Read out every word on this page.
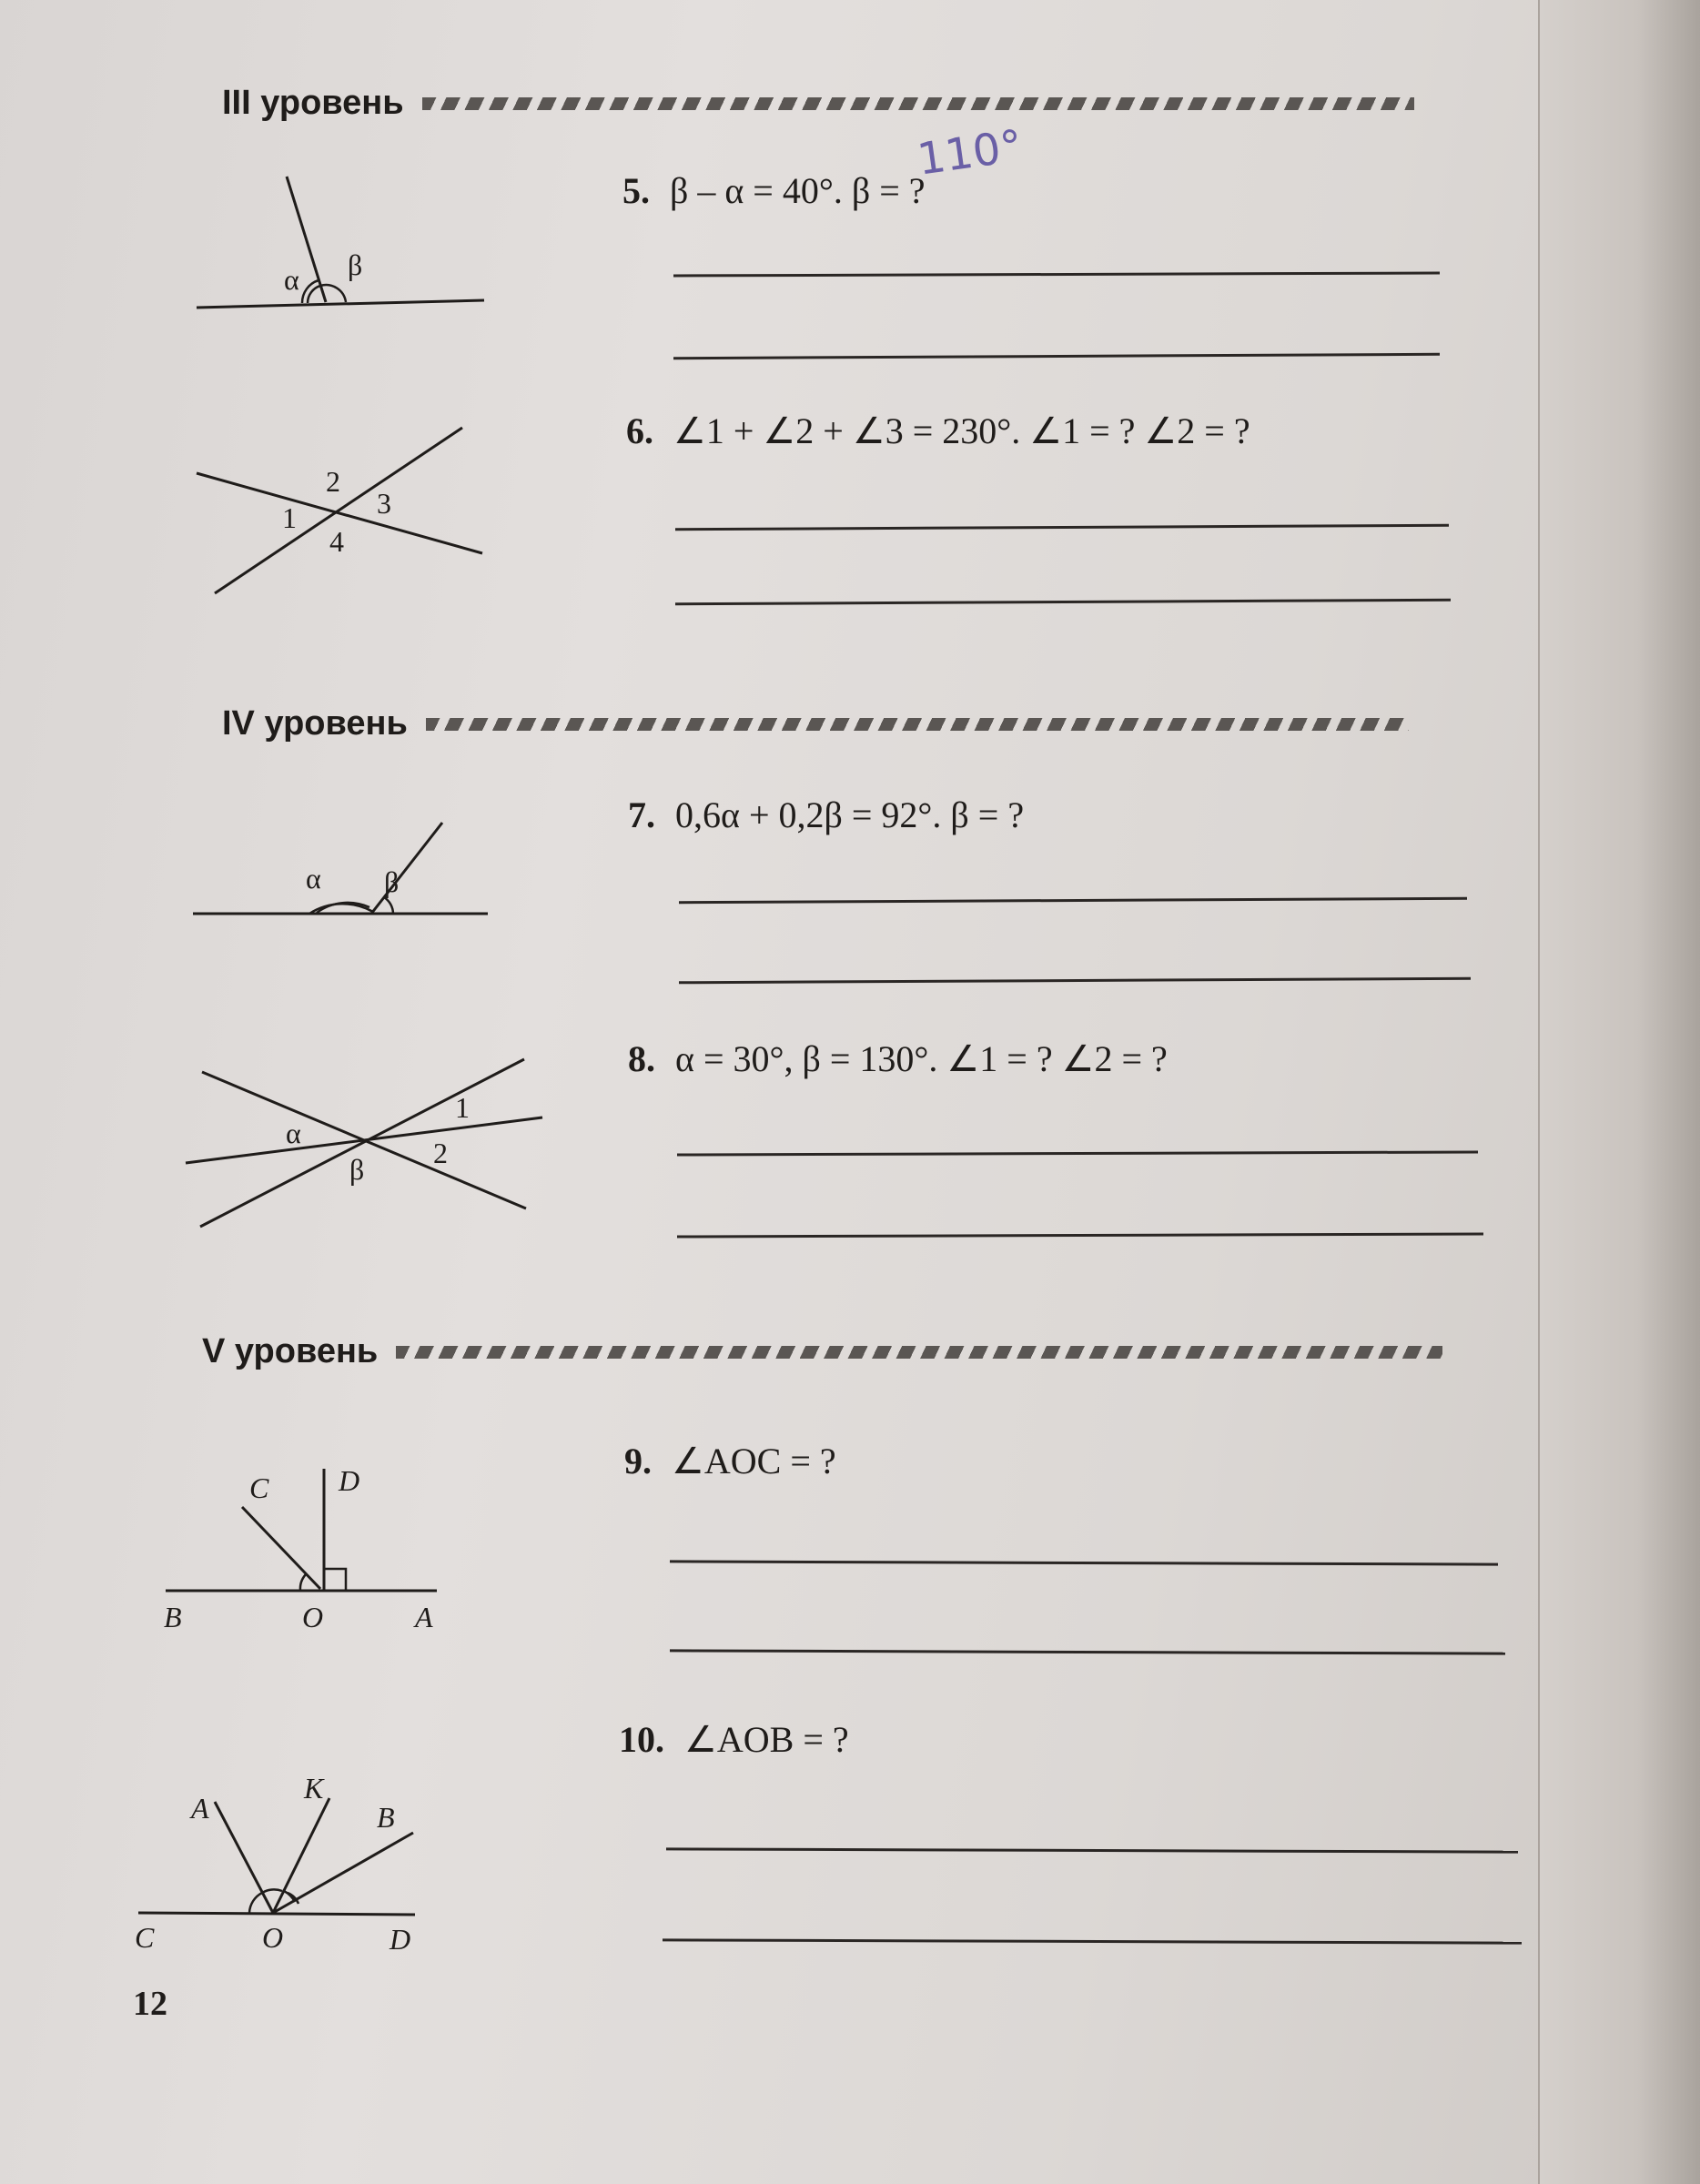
III уровень
110°
5. β – α = 40°. β = ?
α β
6. ∠1 + ∠2 + ∠3 = 230°. ∠1 = ? ∠2 = ?
2
3
1
4
IV уровень
7. 0,6α + 0,2β = 92°. β = ?
α β
8. α = 30°, β = 130°. ∠1 = ? ∠2 = ?
α
β
1
2
V уровень
9. ∠AOC = ?
C D
B	O	A
10. ∠AOB = ?
A
K
B
C	O	D
12
